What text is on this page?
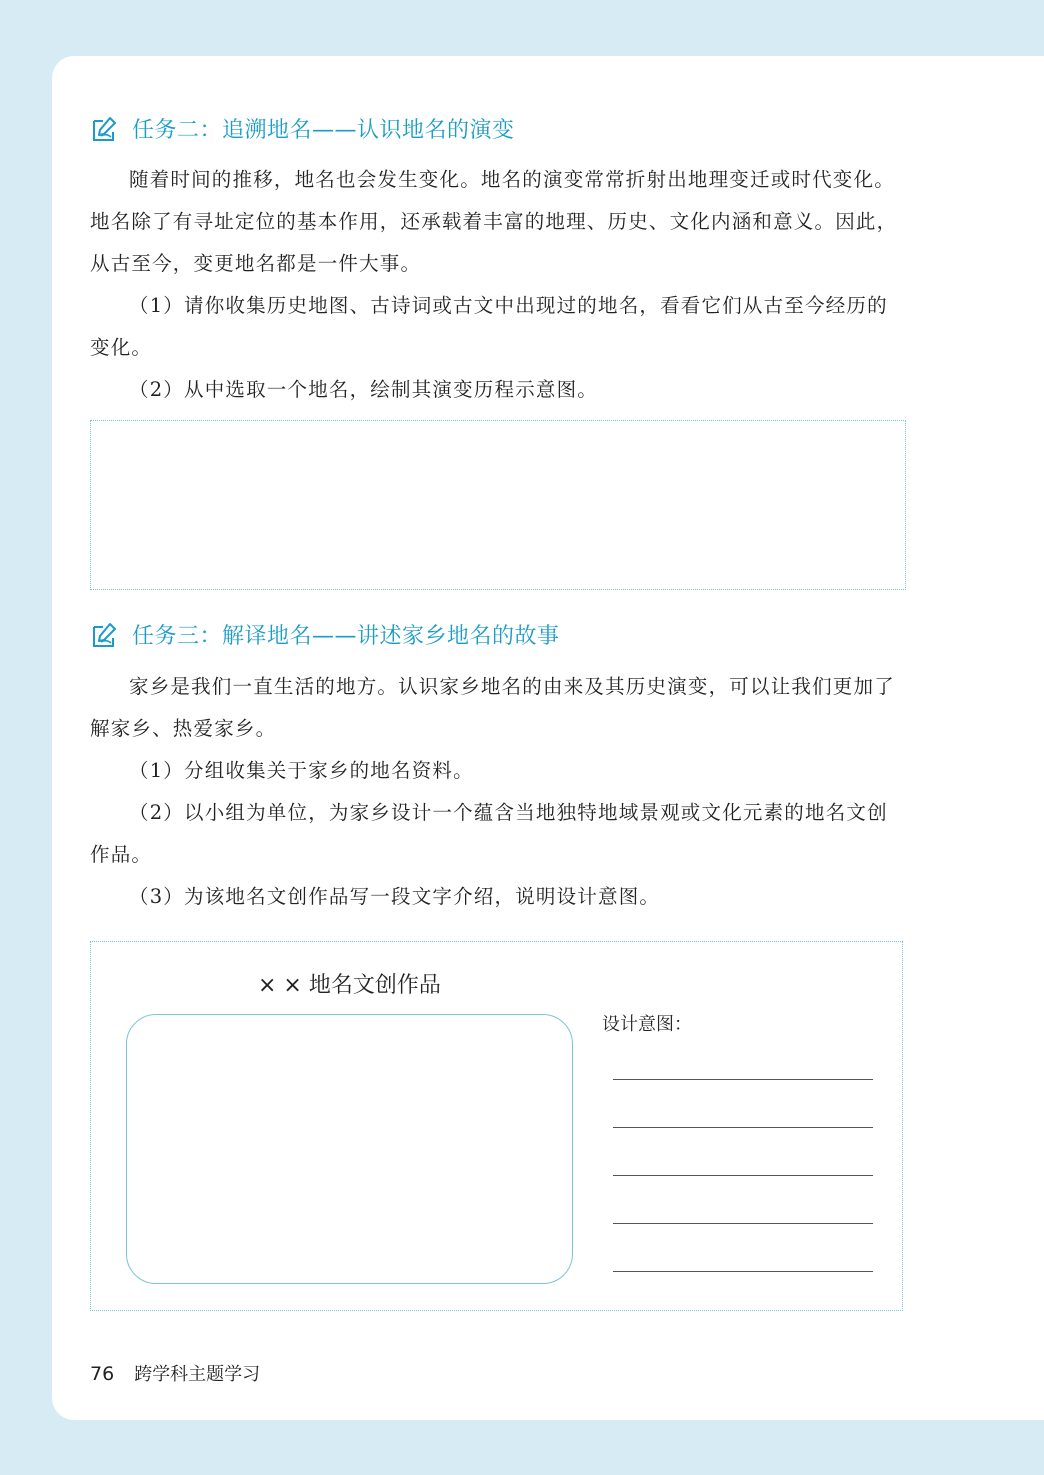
任务二：追溯地名——认识地名的演变

随着时间的推移，地名也会发生变化。地名的演变常常折射出地理变迁或时代变化。地名除了有寻址定位的基本作用，还承载着丰富的地理、历史、文化内涵和意义。因此，从古至今，变更地名都是一件大事。

（1）请你收集历史地图、古诗词或古文中出现过的地名，看看它们从古至今经历的变化。

（2）从中选取一个地名，绘制其演变历程示意图。

任务三：解译地名——讲述家乡地名的故事

家乡是我们一直生活的地方。认识家乡地名的由来及其历史演变，可以让我们更加了解家乡、热爱家乡。

（1）分组收集关于家乡的地名资料。

（2）以小组为单位，为家乡设计一个蕴含当地独特地域景观或文化元素的地名文创作品。

（3）为该地名文创作品写一段文字介绍，说明设计意图。

× × 地名文创作品
设计意图：
76 跨学科主题学习
